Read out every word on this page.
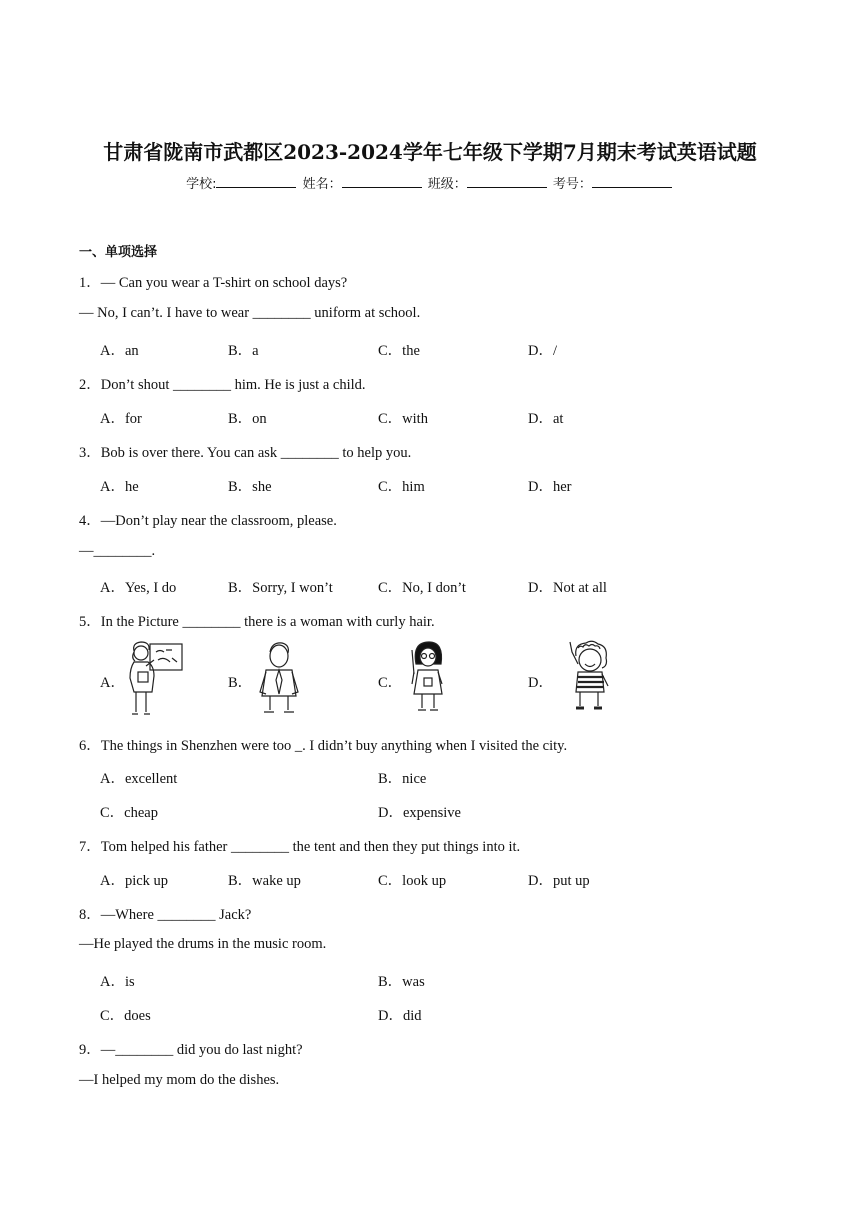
甘肃省陇南市武都区2023-2024学年七年级下学期7月期末考试英语试题
学校:	姓名：	班级：	考号：
一、单项选择
1．— Can you wear a T-shirt on school days?
— No, I can’t. I have to wear ________ uniform at school.
A．an	B．a	C．the	D．/
2．Don’t shout ________ him. He is just a child.
A．for	B．on	C．with	D．at
3．Bob is over there. You can ask ________ to help you.
A．he	B．she	C．him	D．her
4．—Don’t play near the classroom, please.
—________.
A．Yes, I do	B．Sorry, I won’t	C．No, I don’t	D．Not at all
5．In the Picture ________ there is a woman with curly hair.
A．	B．	C．	D．
6．The things in Shenzhen were too _. I didn’t buy anything when I visited the city.
A．excellent	B．nice
C．cheap	D．expensive
7．Tom helped his father ________ the tent and then they put things into it.
A．pick up	B．wake up	C．look up	D．put up
8．—Where ________ Jack?
—He played the drums in the music room.
A．is	B．was
C．does	D．did
9．—________ did you do last night?
—I helped my mom do the dishes.
